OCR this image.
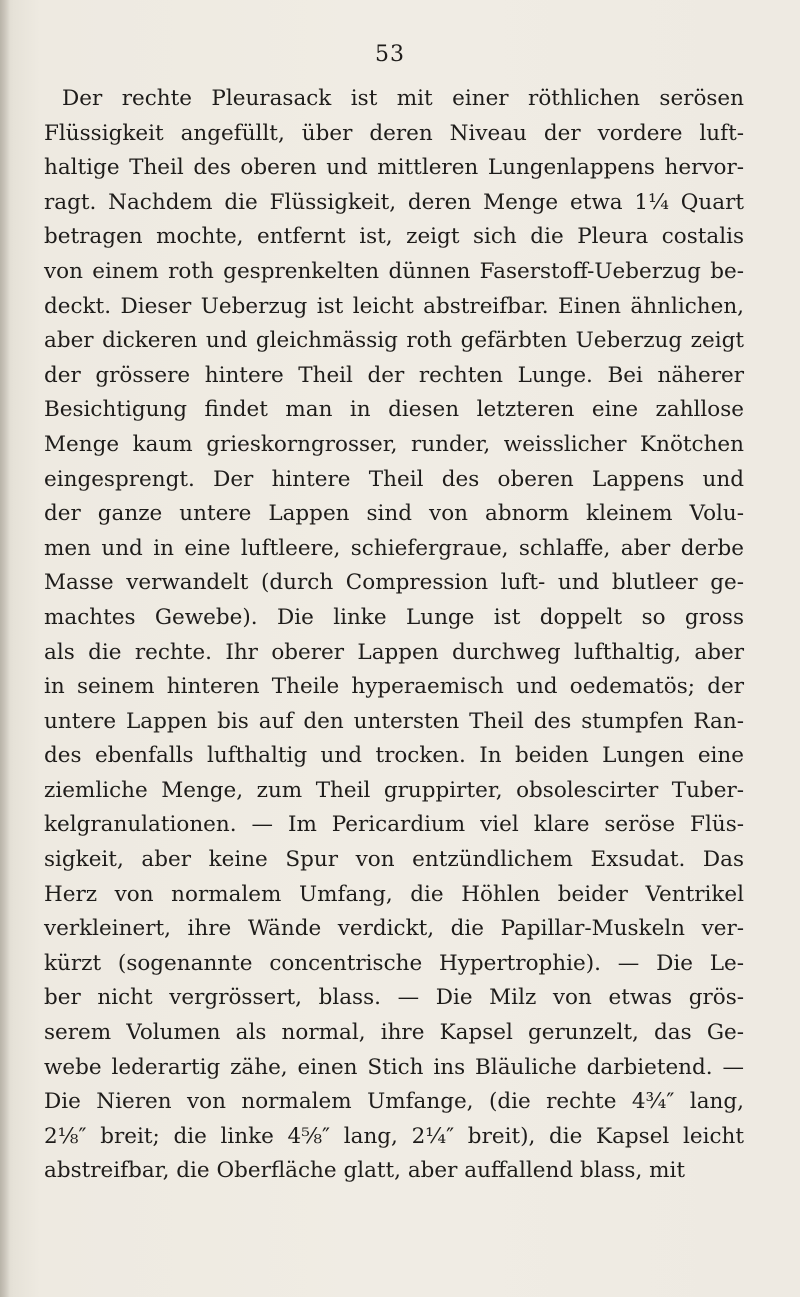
53
Der rechte Pleurasack ist mit einer röthlichen serösen
Flüssigkeit angefüllt, über deren Niveau der vordere luft-
haltige Theil des oberen und mittleren Lungenlappens hervor-
ragt. Nachdem die Flüssigkeit, deren Menge etwa 1¼ Quart
betragen mochte, entfernt ist, zeigt sich die Pleura costalis
von einem roth gesprenkelten dünnen Faserstoff-Ueberzug be-
deckt. Dieser Ueberzug ist leicht abstreifbar. Einen ähnlichen,
aber dickeren und gleichmässig roth gefärbten Ueberzug zeigt
der grössere hintere Theil der rechten Lunge. Bei näherer
Besichtigung findet man in diesen letzteren eine zahllose
Menge kaum grieskorngrosser, runder, weisslicher Knötchen
eingesprengt. Der hintere Theil des oberen Lappens und
der ganze untere Lappen sind von abnorm kleinem Volu-
men und in eine luftleere, schiefergraue, schlaffe, aber derbe
Masse verwandelt (durch Compression luft- und blutleer ge-
machtes Gewebe). Die linke Lunge ist doppelt so gross
als die rechte. Ihr oberer Lappen durchweg lufthaltig, aber
in seinem hinteren Theile hyperaemisch und oedematös; der
untere Lappen bis auf den untersten Theil des stumpfen Ran-
des ebenfalls lufthaltig und trocken. In beiden Lungen eine
ziemliche Menge, zum Theil gruppirter, obsolescirter Tuber-
kelgranulationen. — Im Pericardium viel klare seröse Flüs-
sigkeit, aber keine Spur von entzündlichem Exsudat. Das
Herz von normalem Umfang, die Höhlen beider Ventrikel
verkleinert, ihre Wände verdickt, die Papillar-Muskeln ver-
kürzt (sogenannte concentrische Hypertrophie). — Die Le-
ber nicht vergrössert, blass. — Die Milz von etwas grös-
serem Volumen als normal, ihre Kapsel gerunzelt, das Ge-
webe lederartig zähe, einen Stich ins Bläuliche darbietend. —
Die Nieren von normalem Umfange, (die rechte 4¾″ lang,
2⅛″ breit; die linke 4⅝″ lang, 2¼″ breit), die Kapsel leicht
abstreifbar, die Oberfläche glatt, aber auffallend blass, mit
